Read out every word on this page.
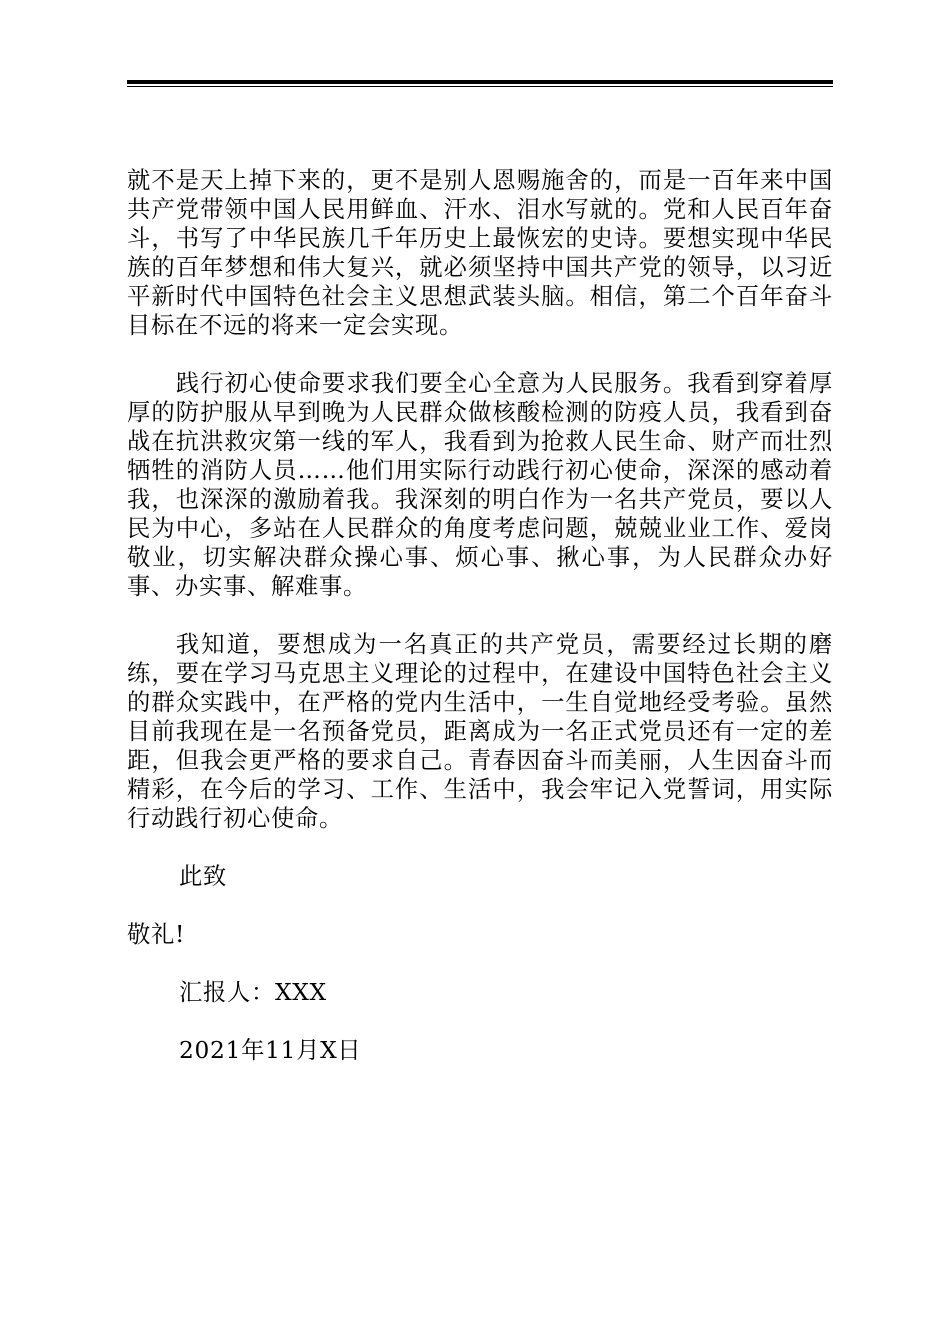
就不是天上掉下来的，更不是别人恩赐施舍的，而是一百年来中国共产党带领中国人民用鲜血、汗水、泪水写就的。党和人民百年奋斗，书写了中华民族几千年历史上最恢宏的史诗。要想实现中华民族的百年梦想和伟大复兴，就必须坚持中国共产党的领导，以习近平新时代中国特色社会主义思想武装头脑。相信，第二个百年奋斗目标在不远的将来一定会实现。

践行初心使命要求我们要全心全意为人民服务。我看到穿着厚厚的防护服从早到晚为人民群众做核酸检测的防疫人员，我看到奋战在抗洪救灾第一线的军人，我看到为抢救人民生命、财产而壮烈牺牲的消防人员……他们用实际行动践行初心使命，深深的感动着我，也深深的激励着我。我深刻的明白作为一名共产党员，要以人民为中心，多站在人民群众的角度考虑问题，兢兢业业工作、爱岗敬业，切实解决群众操心事、烦心事、揪心事，为人民群众办好事、办实事、解难事。

我知道，要想成为一名真正的共产党员，需要经过长期的磨练，要在学习马克思主义理论的过程中，在建设中国特色社会主义的群众实践中，在严格的党内生活中，一生自觉地经受考验。虽然目前我现在是一名预备党员，距离成为一名正式党员还有一定的差距，但我会更严格的要求自己。青春因奋斗而美丽，人生因奋斗而精彩，在今后的学习、工作、生活中，我会牢记入党誓词，用实际行动践行初心使命。

此致

敬礼!

汇报人：XXX

2021年11月X日
